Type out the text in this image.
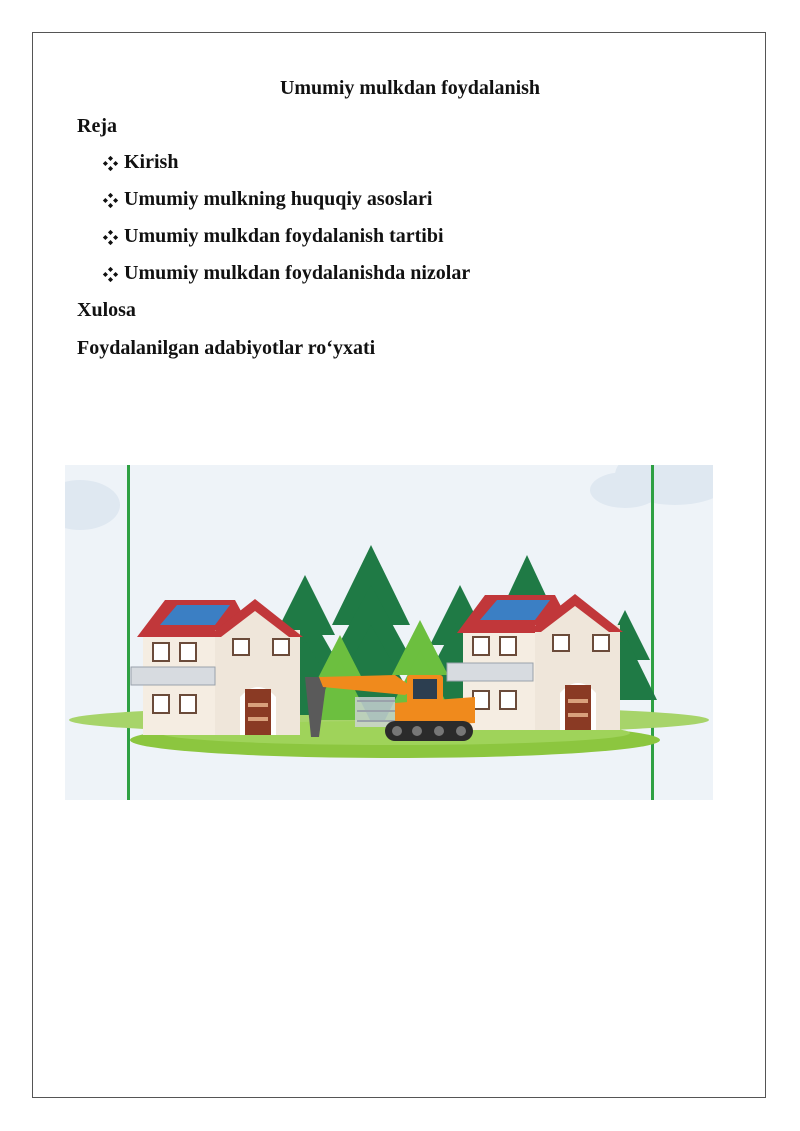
Umumiy mulkdan foydalanish
Reja
Kirish
Umumiy mulkning huquqiy asoslari
Umumiy mulkdan foydalanish tartibi
Umumiy mulkdan foydalanishda nizolar
Xulosa
Foydalanilgan adabiyotlar ro‘yxati
